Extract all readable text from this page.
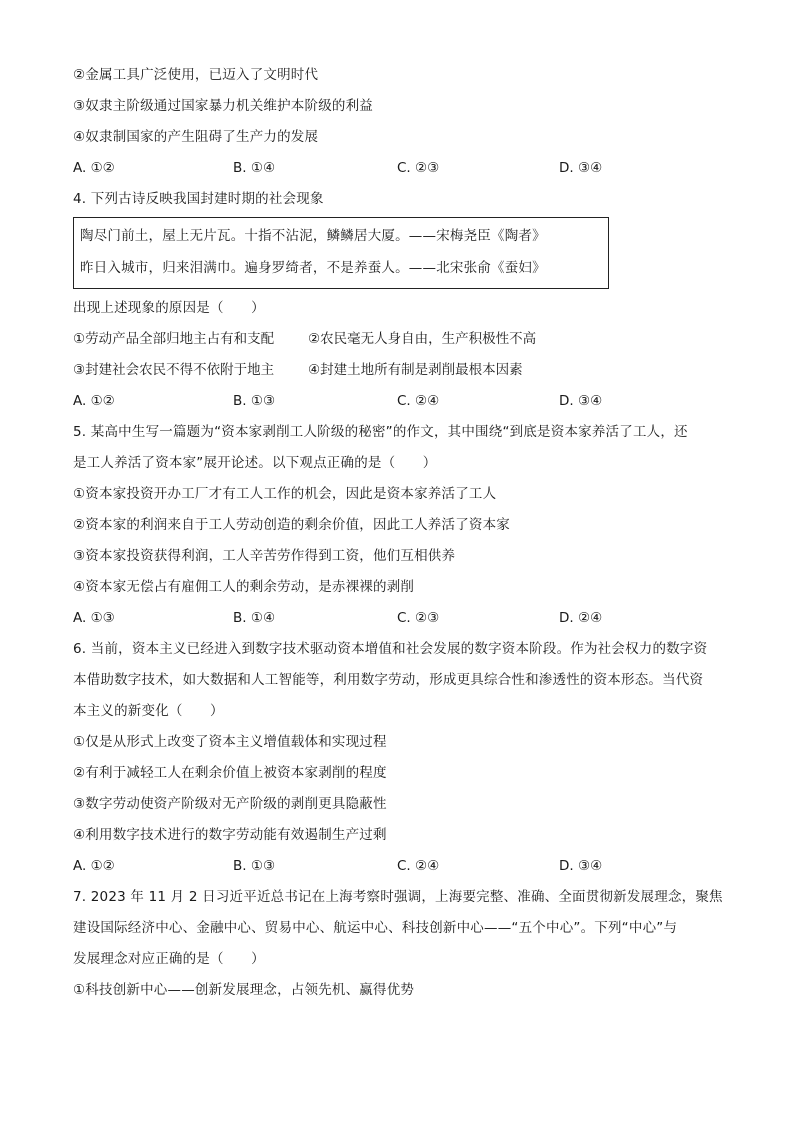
②金属工具广泛使用，已迈入了文明时代
③奴隶主阶级通过国家暴力机关维护本阶级的利益
④奴隶制国家的产生阻碍了生产力的发展
A. ①②	B. ①④	C. ②③	D. ③④
4. 下列古诗反映我国封建时期的社会现象
陶尽门前土，屋上无片瓦。十指不沾泥，鳞鳞居大厦。——宋梅尧臣《陶者》
昨日入城市，归来泪满巾。遍身罗绮者，不是养蚕人。——北宋张俞《蚕妇》
出现上述现象的原因是（　　）
①劳动产品全部归地主占有和支配	②农民毫无人身自由，生产积极性不高
③封建社会农民不得不依附于地主	④封建土地所有制是剥削最根本因素
A. ①②	B. ①③	C. ②④	D. ③④
5. 某高中生写一篇题为“资本家剥削工人阶级的秘密”的作文，其中围绕“到底是资本家养活了工人，还
是工人养活了资本家”展开论述。以下观点正确的是（　　）
①资本家投资开办工厂才有工人工作的机会，因此是资本家养活了工人
②资本家的利润来自于工人劳动创造的剩余价值，因此工人养活了资本家
③资本家投资获得利润，工人辛苦劳作得到工资，他们互相供养
④资本家无偿占有雇佣工人的剩余劳动，是赤裸裸的剥削
A. ①③	B. ①④	C. ②③	D. ②④
6. 当前，资本主义已经进入到数字技术驱动资本增值和社会发展的数字资本阶段。作为社会权力的数字资
本借助数字技术，如大数据和人工智能等，利用数字劳动，形成更具综合性和渗透性的资本形态。当代资
本主义的新变化（　　）
①仅是从形式上改变了资本主义增值载体和实现过程
②有利于减轻工人在剩余价值上被资本家剥削的程度
③数字劳动使资产阶级对无产阶级的剥削更具隐蔽性
④利用数字技术进行的数字劳动能有效遏制生产过剩
A. ①②	B. ①③	C. ②④	D. ③④
7. 2023 年 11 月 2 日习近平近总书记在上海考察时强调，上海要完整、准确、全面贯彻新发展理念，聚焦
建设国际经济中心、金融中心、贸易中心、航运中心、科技创新中心——“五个中心”。下列“中心”与
发展理念对应正确的是（　　）
①科技创新中心——创新发展理念，占领先机、赢得优势
